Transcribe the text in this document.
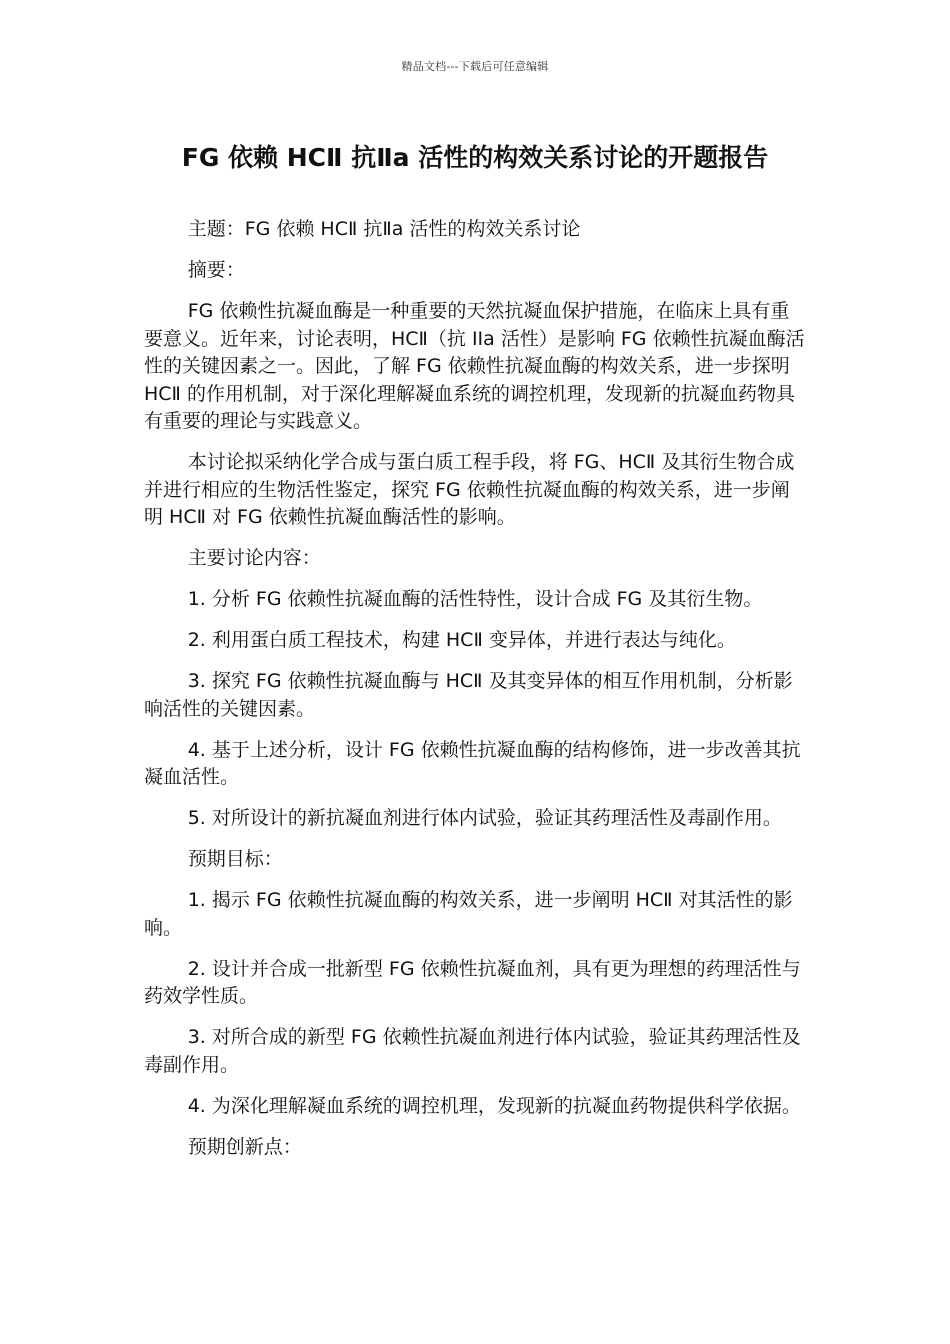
精品文档---下载后可任意编辑
FG 依赖 HCⅡ 抗Ⅱa 活性的构效关系讨论的开题报告

主题：FG 依赖 HCⅡ 抗Ⅱa 活性的构效关系讨论

摘要：

FG 依赖性抗凝血酶是一种重要的天然抗凝血保护措施，在临床上具有重要意义。近年来，讨论表明，HCⅡ（抗 IIa 活性）是影响 FG 依赖性抗凝血酶活性的关键因素之一。因此，了解 FG 依赖性抗凝血酶的构效关系，进一步探明 HCⅡ 的作用机制，对于深化理解凝血系统的调控机理，发现新的抗凝血药物具有重要的理论与实践意义。

本讨论拟采纳化学合成与蛋白质工程手段，将 FG、HCⅡ 及其衍生物合成并进行相应的生物活性鉴定，探究 FG 依赖性抗凝血酶的构效关系，进一步阐明 HCⅡ 对 FG 依赖性抗凝血酶活性的影响。

主要讨论内容：

1. 分析 FG 依赖性抗凝血酶的活性特性，设计合成 FG 及其衍生物。

2. 利用蛋白质工程技术，构建 HCⅡ 变异体，并进行表达与纯化。

3. 探究 FG 依赖性抗凝血酶与 HCⅡ 及其变异体的相互作用机制，分析影响活性的关键因素。

4. 基于上述分析，设计 FG 依赖性抗凝血酶的结构修饰，进一步改善其抗凝血活性。

5. 对所设计的新抗凝血剂进行体内试验，验证其药理活性及毒副作用。

预期目标：

1. 揭示 FG 依赖性抗凝血酶的构效关系，进一步阐明 HCⅡ 对其活性的影响。

2. 设计并合成一批新型 FG 依赖性抗凝血剂，具有更为理想的药理活性与药效学性质。

3. 对所合成的新型 FG 依赖性抗凝血剂进行体内试验，验证其药理活性及毒副作用。

4. 为深化理解凝血系统的调控机理，发现新的抗凝血药物提供科学依据。

预期创新点：
